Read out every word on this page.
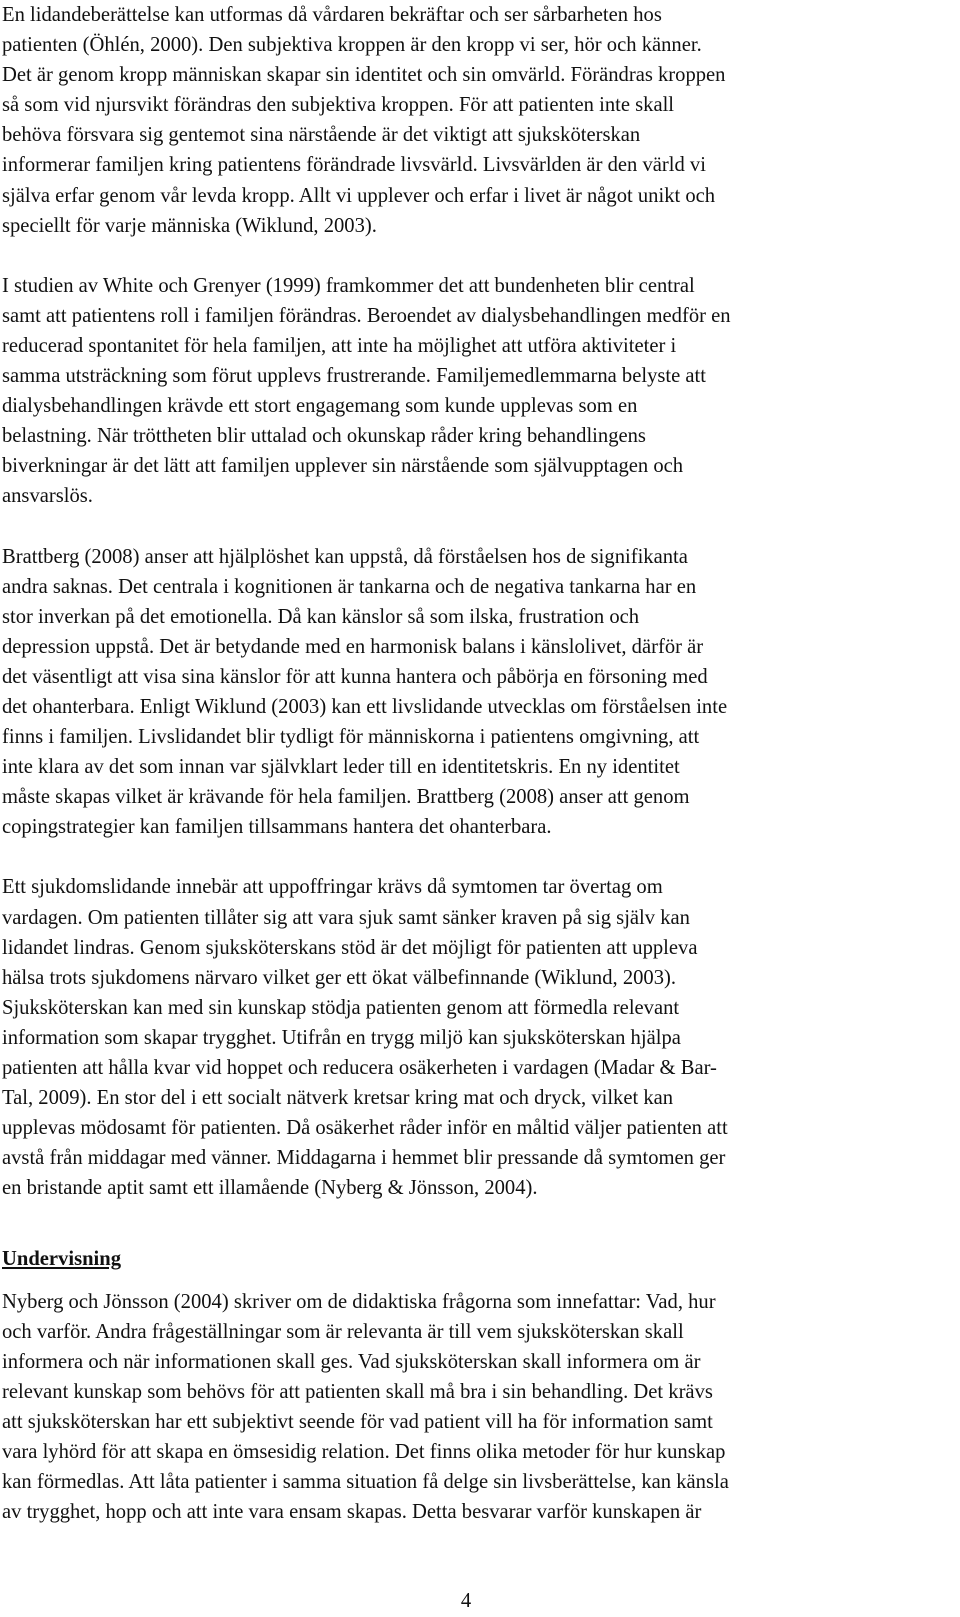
En lidandeberättelse kan utformas då vårdaren bekräftar och ser sårbarheten hos
patienten (Öhlén, 2000). Den subjektiva kroppen är den kropp vi ser, hör och känner.
Det är genom kropp människan skapar sin identitet och sin omvärld. Förändras kroppen
så som vid njursvikt förändras den subjektiva kroppen. För att patienten inte skall
behöva försvara sig gentemot sina närstående är det viktigt att sjuksköterskan
informerar familjen kring patientens förändrade livsvärld. Livsvärlden är den värld vi
själva erfar genom vår levda kropp. Allt vi upplever och erfar i livet är något unikt och
speciellt för varje människa (Wiklund, 2003).

I studien av White och Grenyer (1999) framkommer det att bundenheten blir central
samt att patientens roll i familjen förändras. Beroendet av dialysbehandlingen medför en
reducerad spontanitet för hela familjen, att inte ha möjlighet att utföra aktiviteter i
samma utsträckning som förut upplevs frustrerande. Familjemedlemmarna belyste att
dialysbehandlingen krävde ett stort engagemang som kunde upplevas som en
belastning. När tröttheten blir uttalad och okunskap råder kring behandlingens
biverkningar är det lätt att familjen upplever sin närstående som självupptagen och
ansvarslös.

Brattberg (2008) anser att hjälplöshet kan uppstå, då förståelsen hos de signifikanta
andra saknas. Det centrala i kognitionen är tankarna och de negativa tankarna har en
stor inverkan på det emotionella. Då kan känslor så som ilska, frustration och
depression uppstå. Det är betydande med en harmonisk balans i känslolivet, därför är
det väsentligt att visa sina känslor för att kunna hantera och påbörja en försoning med
det ohanterbara. Enligt Wiklund (2003) kan ett livslidande utvecklas om förståelsen inte
finns i familjen. Livslidandet blir tydligt för människorna i patientens omgivning, att
inte klara av det som innan var självklart leder till en identitetskris. En ny identitet
måste skapas vilket är krävande för hela familjen. Brattberg (2008) anser att genom
copingstrategier kan familjen tillsammans hantera det ohanterbara.

Ett sjukdomslidande innebär att uppoffringar krävs då symtomen tar övertag om
vardagen. Om patienten tillåter sig att vara sjuk samt sänker kraven på sig själv kan
lidandet lindras. Genom sjuksköterskans stöd är det möjligt för patienten att uppleva
hälsa trots sjukdomens närvaro vilket ger ett ökat välbefinnande (Wiklund, 2003).
Sjuksköterskan kan med sin kunskap stödja patienten genom att förmedla relevant
information som skapar trygghet. Utifrån en trygg miljö kan sjuksköterskan hjälpa
patienten att hålla kvar vid hoppet och reducera osäkerheten i vardagen (Madar & Bar-
Tal, 2009). En stor del i ett socialt nätverk kretsar kring mat och dryck, vilket kan
upplevas mödosamt för patienten. Då osäkerhet råder inför en måltid väljer patienten att
avstå från middagar med vänner. Middagarna i hemmet blir pressande då symtomen ger
en bristande aptit samt ett illamående (Nyberg & Jönsson, 2004).

Undervisning

Nyberg och Jönsson (2004) skriver om de didaktiska frågorna som innefattar: Vad, hur
och varför. Andra frågeställningar som är relevanta är till vem sjuksköterskan skall
informera och när informationen skall ges. Vad sjuksköterskan skall informera om är
relevant kunskap som behövs för att patienten skall må bra i sin behandling. Det krävs
att sjuksköterskan har ett subjektivt seende för vad patient vill ha för information samt
vara lyhörd för att skapa en ömsesidig relation. Det finns olika metoder för hur kunskap
kan förmedlas. Att låta patienter i samma situation få delge sin livsberättelse, kan känsla
av trygghet, hopp och att inte vara ensam skapas. Detta besvarar varför kunskapen är

4
